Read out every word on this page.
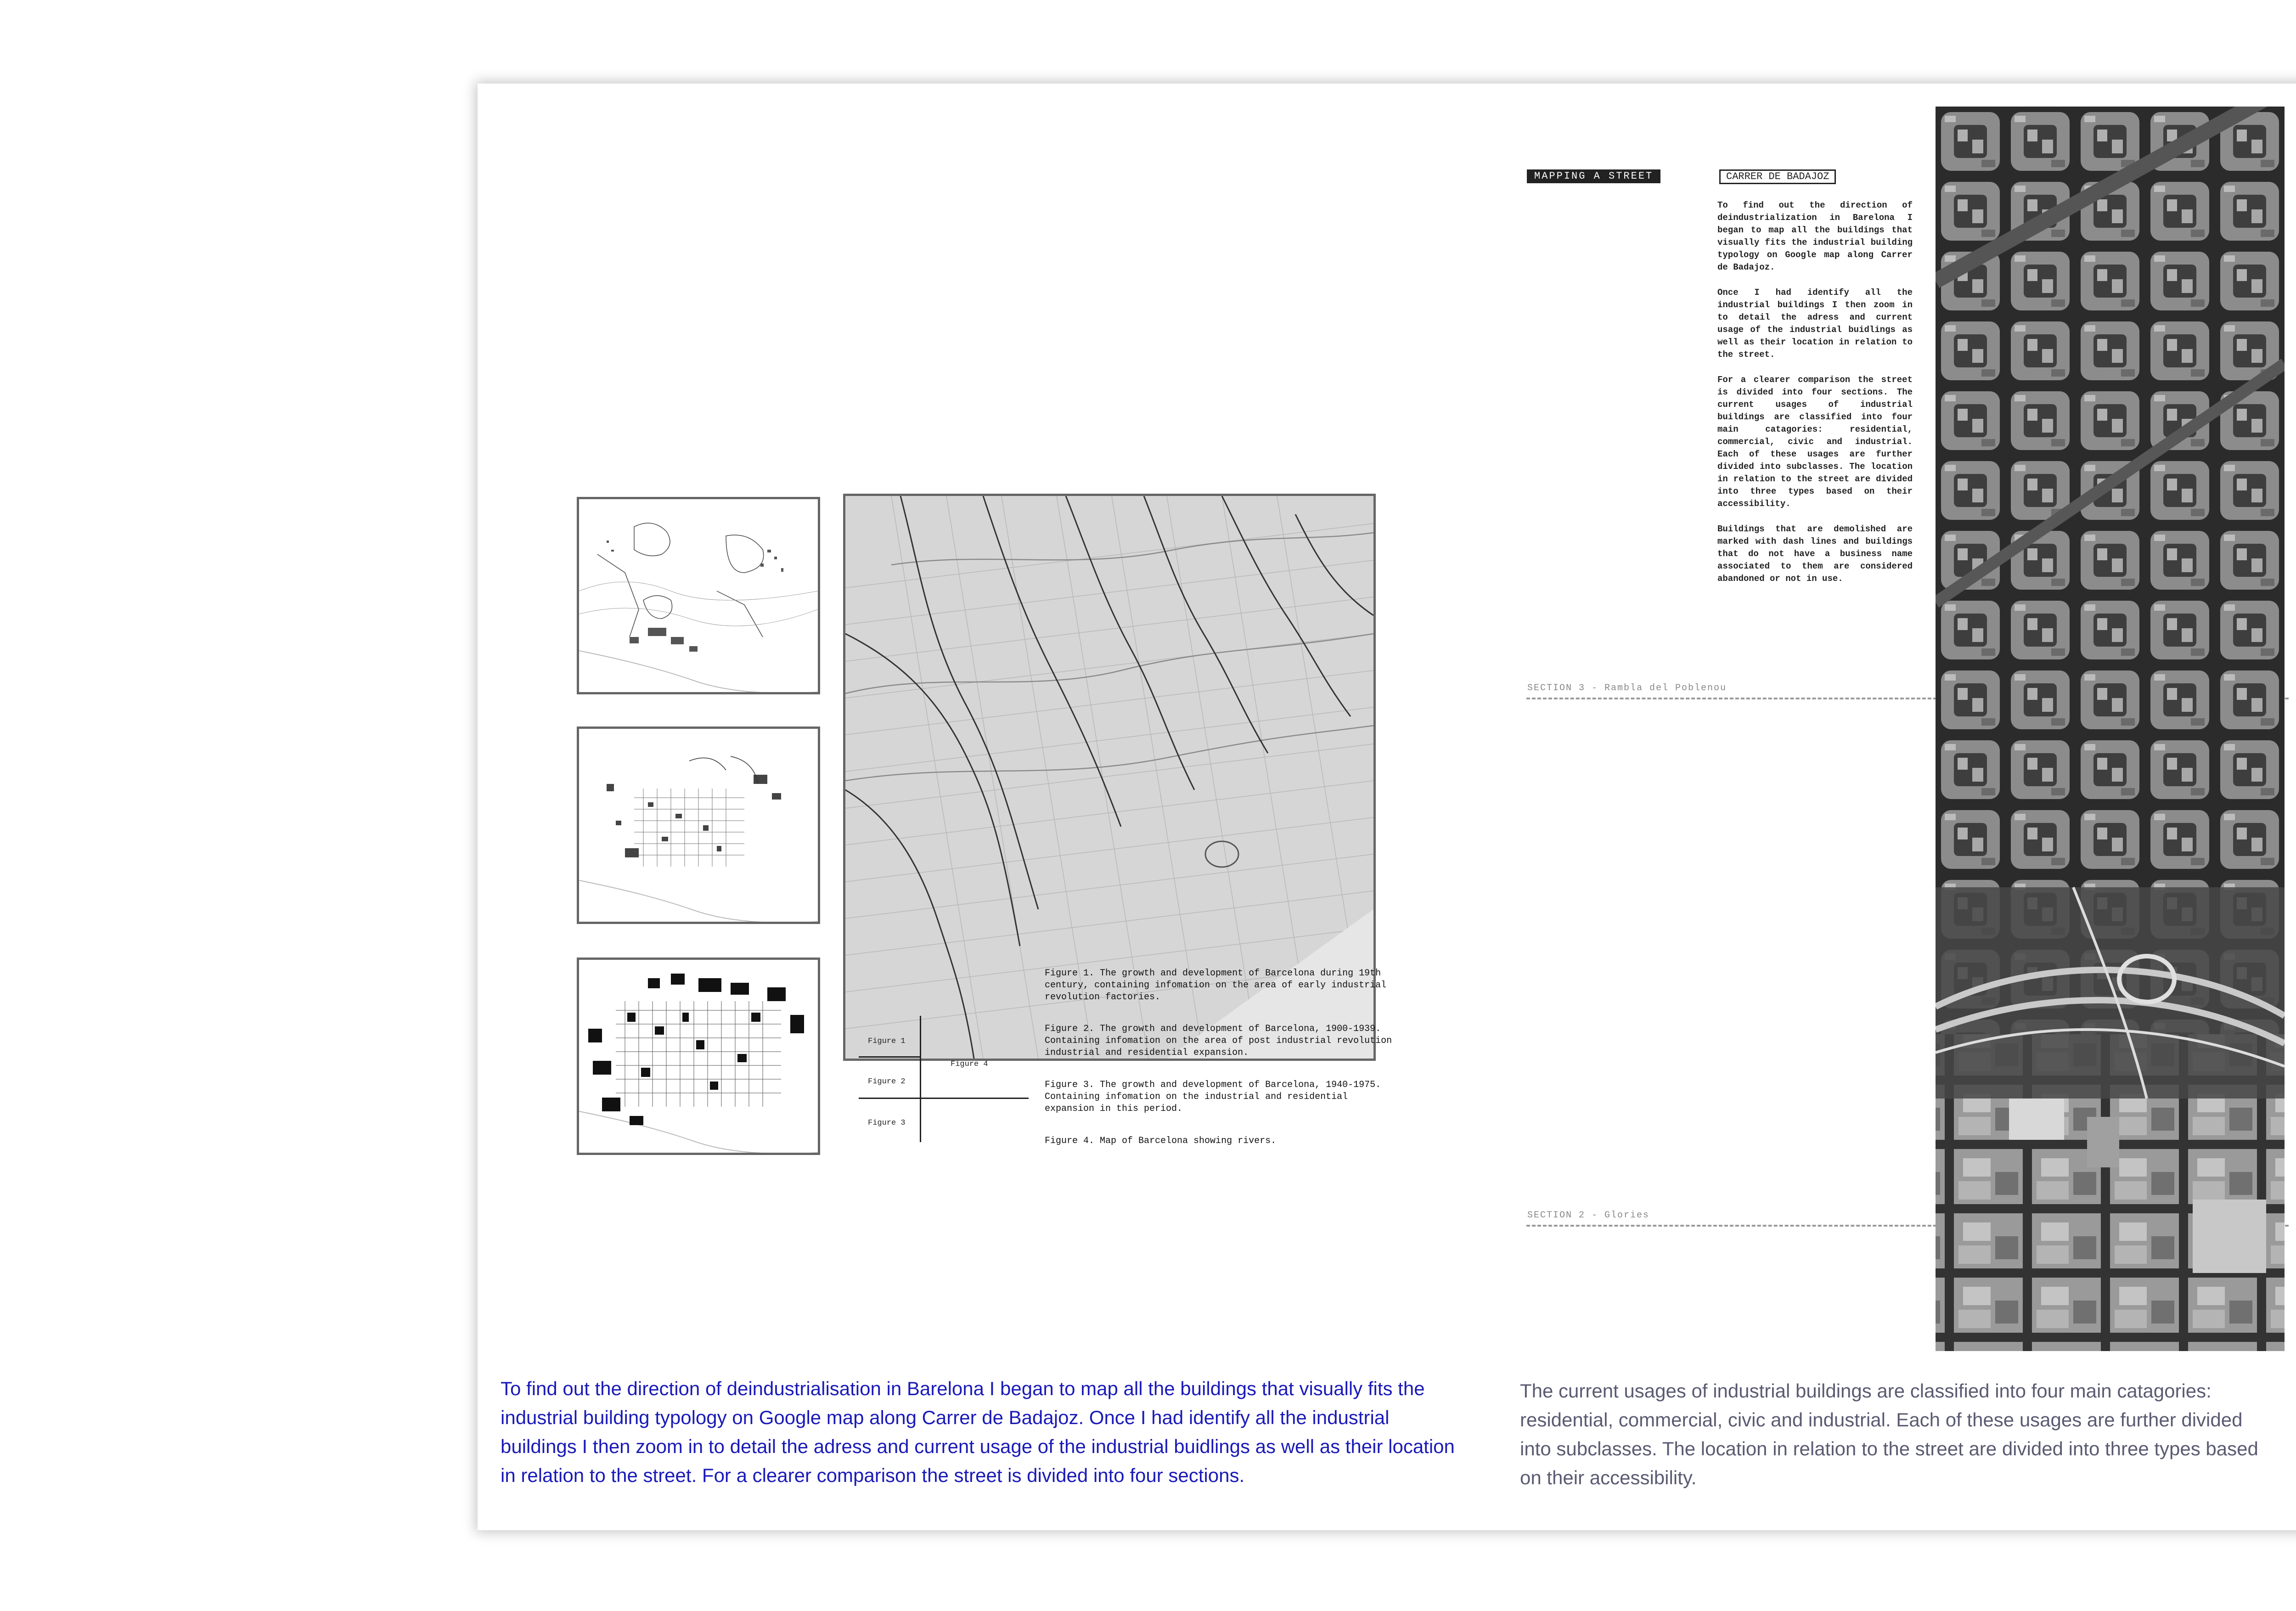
Figure 1. The growth and development of Barcelona during 19th century, containing infomation on the area of early industrial revolution factories.

Figure 2. The growth and development of Barcelona, 1900-1939. Containing infomation on the area of post industrial revolution industrial and residential expansion.

Figure 3. The growth and development of Barcelona, 1940-1975. Containing infomation on the industrial and residential expansion in this period.

Figure 4. Map of Barcelona showing rivers.

Figure 1
Figure 2
Figure 3
Figure 4

To find out the direction of deindustrialisation in Barelona I began to map all the buildings that visually fits the industrial building typology on Google map along Carrer de Badajoz. Once I had identify all the industrial buildings I then zoom in to detail the adress and current usage of the industrial buidlings as well as their location in relation to the street. For a clearer comparison the street is divided into four sections.

MAPPING A STREET	CARRER DE BADAJOZ

To find out the direction of deindustrialization in Barelona I began to map all the buildings that visually fits the industrial building typology on Google map along Carrer de Badajoz.

Once I had identify all the industrial buildings I then zoom in to detail the adress and current usage of the industrial buidlings as well as their location in relation to the street.

For a clearer comparison the street is divided into four sections. The current usages of industrial buildings are classified into four main catagories: residential, commercial, civic and industrial. Each of these usages are further divided into subclasses. The location in relation to the street are divided into three types based on their accessibility.

Buildings that are demolished are marked with dash lines and buildings that do not have a business name associated to them are considered abandoned or not in use.

SECTION 3 - Rambla del Poblenou
SECTION 2 - Glories

The current usages of industrial buildings are classified into four main catagories: residential, commercial, civic and industrial. Each of these usages are further divided into subclasses. The location in relation to the street are divided into three types based on their accessibility.
